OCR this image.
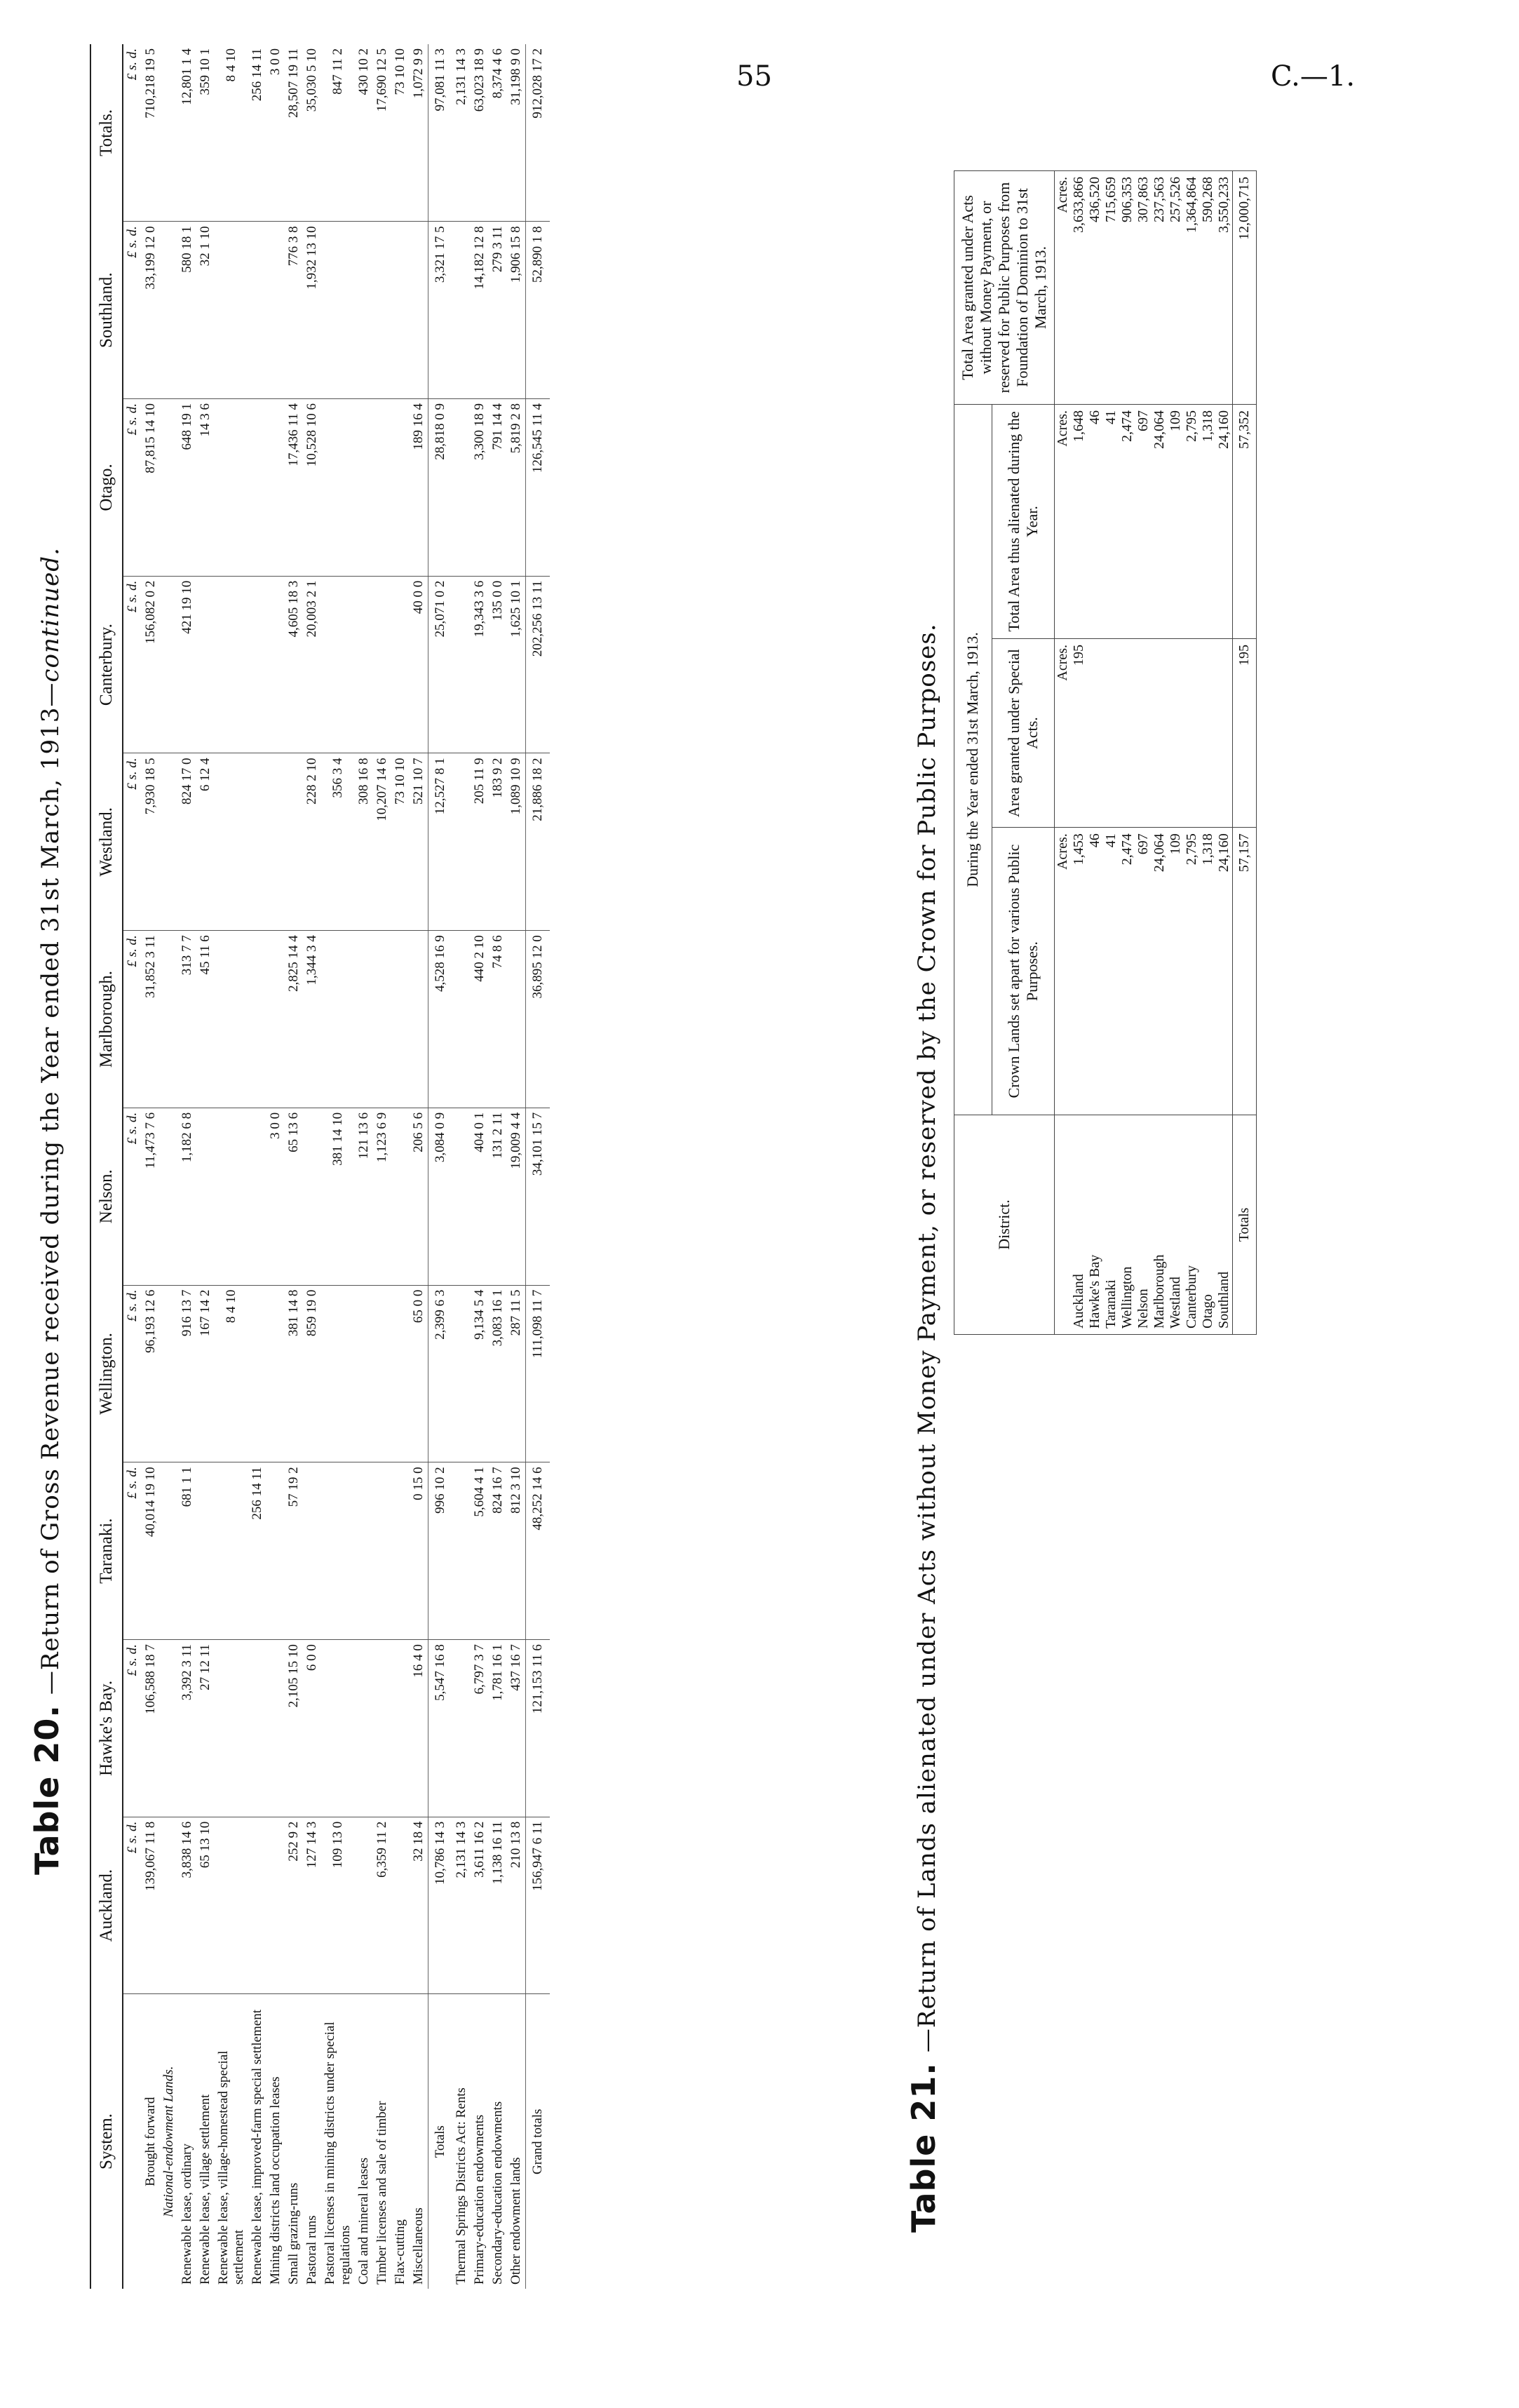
55	C.—1.
Table 20.—Return of Gross Revenue received during the Year ended 31st March, 1913—continued.
System.	Auckland.	Hawke's Bay.	Taranaki.	Wellington.	Nelson.	Marlborough.	Westland.	Canterbury.	Otago.	Southland.	Totals.
	£ s. d.	£ s. d.	£ s. d.	£ s. d.	£ s. d.	£ s. d.	£ s. d.	£ s. d.	£ s. d.	£ s. d.	£ s. d.
Brought forward	139,067 11 8	106,588 18 7	40,014 19 10	96,193 12 6	11,473 7 6	31,852 3 11	7,930 18 5	156,082 0 2	87,815 14 10	33,199 12 0	710,218 19 5
National-endowment Lands.											
Renewable lease, ordinary	3,838 14 6	3,392 3 11	681 1 1	916 13 7	1,182 6 8	313 7 7	824 17 0	421 19 10	648 19 1	580 18 1	12,801 1 4
Renewable lease, village settlement	65 13 10	27 12 11		167 14 2		45 11 6	6 12 4		14 3 6	32 1 10	359 10 1
Renewable lease, village-homestead special settlement				8 4 10							8 4 10
Renewable lease, improved-farm special settlement			256 14 11								256 14 11
Mining districts land occupation leases					3 0 0						3 0 0
Small grazing-runs	252 9 2	2,105 15 10	57 19 2	381 14 8	65 13 6	2,825 14 4		4,605 18 3	17,436 11 4	776 3 8	28,507 19 11
Pastoral runs	127 14 3	6 0 0		859 19 0		1,344 3 4	228 2 10	20,003 2 1	10,528 10 6	1,932 13 10	35,030 5 10
Pastoral licenses in mining districts under special regulations	109 13 0				381 14 10		356 3 4				847 11 2
Coal and mineral leases					121 13 6		308 16 8				430 10 2
Timber licenses and sale of timber	6,359 11 2				1,123 6 9		10,207 14 6				17,690 12 5
Flax-cutting							73 10 10				73 10 10
Miscellaneous	32 18 4	16 4 0	0 15 0	65 0 0	206 5 6		521 10 7	40 0 0	189 16 4		1,072 9 9
Totals	10,786 14 3	5,547 16 8	996 10 2	2,399 6 3	3,084 0 9	4,528 16 9	12,527 8 1	25,071 0 2	28,818 0 9	3,321 17 5	97,081 11 3
Thermal Springs Districts Act: Rents	2,131 14 3										2,131 14 3
Primary-education endowments	3,611 16 2	6,797 3 7	5,604 4 1	9,134 5 4	404 0 1	440 2 10	205 11 9	19,343 3 6	3,300 18 9	14,182 12 8	63,023 18 9
Secondary-education endowments	1,138 16 11	1,781 16 1	824 16 7	3,083 16 1	131 2 11	74 8 6	183 9 2	135 0 0	791 14 4	279 3 11	8,374 4 6
Other endowment lands	210 13 8	437 16 7	812 3 10	287 11 5	19,009 4 4		1,089 10 9	1,625 10 1	5,819 2 8	1,906 15 8	31,198 9 0
Grand totals	156,947 6 11	121,153 11 6	48,252 14 6	111,098 11 7	34,101 15 7	36,895 12 0	21,886 18 2	202,256 13 11	126,545 11 4	52,890 1 8	912,028 17 2
Table 21.—Return of Lands alienated under Acts without Money Payment, or reserved by the Crown for Public Purposes.	District.	During the Year ended 31st March, 1913.			Total Area granted under Acts without Money Payment, or reserved for Public Purposes from Foundation of Dominion to 31st March, 1913.
	Crown Lands set apart for various Public Purposes.	Area granted under Special Acts.	Total Area thus alienated during the Year.	
	Acres.	Acres.	Acres.	Acres.
Auckland	1,453	195	1,648	3,633,866
Hawke's Bay	46		46	436,520
Taranaki	41		41	715,659
Wellington	2,474		2,474	906,353
Nelson	697		697	307,863
Marlborough	24,064		24,064	237,563
Westland	109		109	257,526
Canterbury	2,795		2,795	1,364,864
Otago	1,318		1,318	590,268
Southland	24,160		24,160	3,550,233
Totals	57,157	195	57,352	12,000,715
